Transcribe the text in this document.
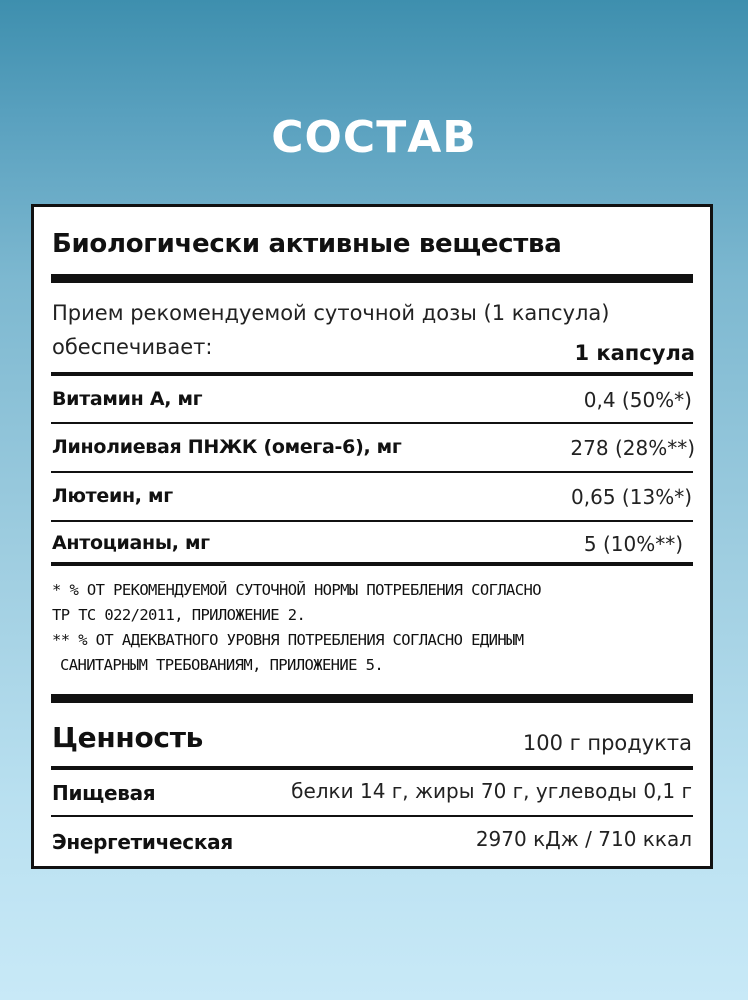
СОСТАВ
Биологически активные вещества
Прием рекомендуемой суточной дозы (1 капсула)
обеспечивает:	1 капсула
Витамин А, мг	0,4 (50%*)
Линолиевая ПНЖК (омега-6), мг	278 (28%**)
Лютеин, мг	0,65 (13%*)
Антоцианы, мг	5 (10%**)
* % ОТ РЕКОМЕНДУЕМОЙ СУТОЧНОЙ НОРМЫ ПОТРЕБЛЕНИЯ СОГЛАСНО
ТР ТС 022/2011, ПРИЛОЖЕНИЕ 2.
** % ОТ АДЕКВАТНОГО УРОВНЯ ПОТРЕБЛЕНИЯ СОГЛАСНО ЕДИНЫМ
САНИТАРНЫМ ТРЕБОВАНИЯМ, ПРИЛОЖЕНИЕ 5.
Ценность	100 г продукта
Пищевая	белки 14 г, жиры 70 г, углеводы 0,1 г
Энергетическая	2970 кДж / 710 ккал
